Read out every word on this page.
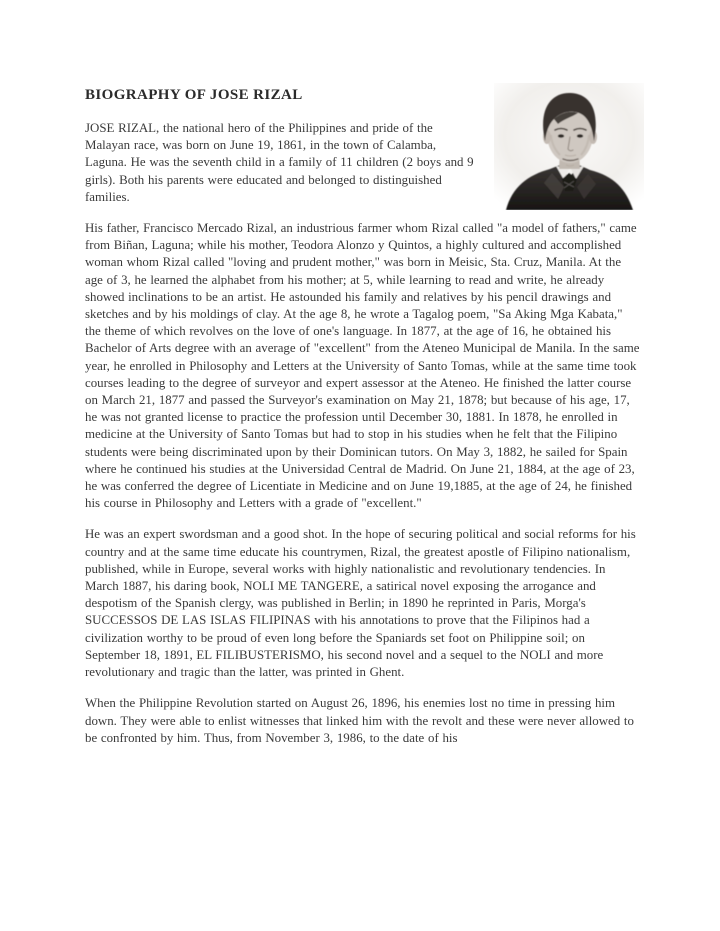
BIOGRAPHY OF JOSE RIZAL

JOSE RIZAL, the national hero of the Philippines and pride of the Malayan race, was born on June 19, 1861, in the town of Calamba, Laguna. He was the seventh child in a family of 11 children (2 boys and 9 girls). Both his parents were educated and belonged to distinguished families.

His father, Francisco Mercado Rizal, an industrious farmer whom Rizal called "a model of fathers," came from Biñan, Laguna; while his mother, Teodora Alonzo y Quintos, a highly cultured and accomplished woman whom Rizal called "loving and prudent mother," was born in Meisic, Sta. Cruz, Manila. At the age of 3, he learned the alphabet from his mother; at 5, while learning to read and write, he already showed inclinations to be an artist. He astounded his family and relatives by his pencil drawings and sketches and by his moldings of clay. At the age 8, he wrote a Tagalog poem, "Sa Aking Mga Kabata," the theme of which revolves on the love of one's language. In 1877, at the age of 16, he obtained his Bachelor of Arts degree with an average of "excellent" from the Ateneo Municipal de Manila. In the same year, he enrolled in Philosophy and Letters at the University of Santo Tomas, while at the same time took courses leading to the degree of surveyor and expert assessor at the Ateneo. He finished the latter course on March 21, 1877 and passed the Surveyor's examination on May 21, 1878; but because of his age, 17, he was not granted license to practice the profession until December 30, 1881. In 1878, he enrolled in medicine at the University of Santo Tomas but had to stop in his studies when he felt that the Filipino students were being discriminated upon by their Dominican tutors. On May 3, 1882, he sailed for Spain where he continued his studies at the Universidad Central de Madrid. On June 21, 1884, at the age of 23, he was conferred the degree of Licentiate in Medicine and on June 19,1885, at the age of 24, he finished his course in Philosophy and Letters with a grade of "excellent."

He was an expert swordsman and a good shot. In the hope of securing political and social reforms for his country and at the same time educate his countrymen, Rizal, the greatest apostle of Filipino nationalism, published, while in Europe, several works with highly nationalistic and revolutionary tendencies. In March 1887, his daring book, NOLI ME TANGERE, a satirical novel exposing the arrogance and despotism of the Spanish clergy, was published in Berlin; in 1890 he reprinted in Paris, Morga's SUCCESSOS DE LAS ISLAS FILIPINAS with his annotations to prove that the Filipinos had a civilization worthy to be proud of even long before the Spaniards set foot on Philippine soil; on September 18, 1891, EL FILIBUSTERISMO, his second novel and a sequel to the NOLI and more revolutionary and tragic than the latter, was printed in Ghent.

When the Philippine Revolution started on August 26, 1896, his enemies lost no time in pressing him down. They were able to enlist witnesses that linked him with the revolt and these were never allowed to be confronted by him. Thus, from November 3, 1986, to the date of his
